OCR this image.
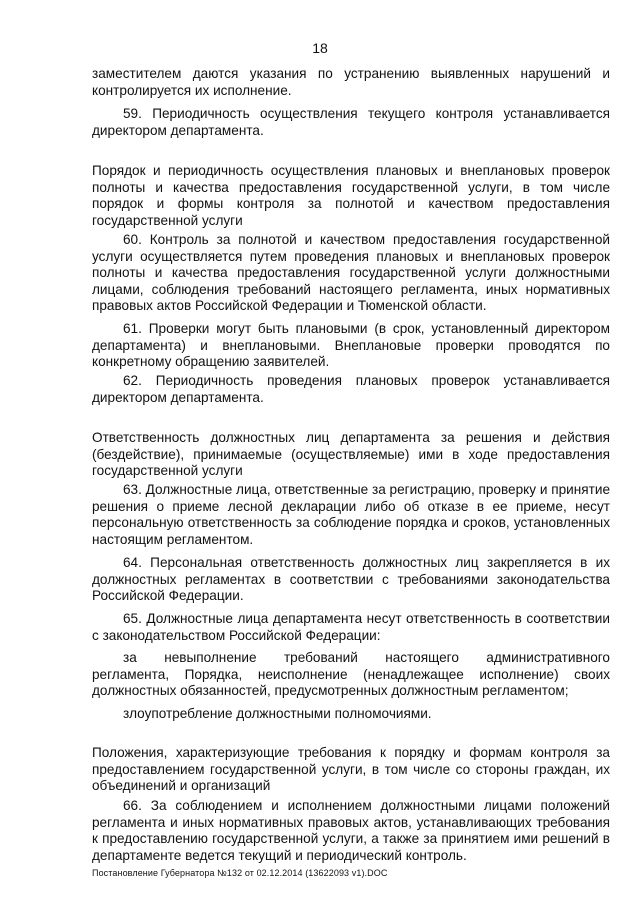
18
заместителем даются указания по устранению выявленных нарушений и контролируется их исполнение.
59. Периодичность осуществления текущего контроля устанавливается директором департамента.
Порядок и периодичность осуществления плановых и внеплановых проверок полноты и качества предоставления государственной услуги, в том числе порядок и формы контроля за полнотой и качеством предоставления государственной услуги
60. Контроль за полнотой и качеством предоставления государственной услуги осуществляется путем проведения плановых и внеплановых проверок полноты и качества предоставления государственной услуги должностными лицами, соблюдения требований настоящего регламента, иных нормативных правовых актов Российской Федерации и Тюменской области.
61. Проверки могут быть плановыми (в срок, установленный директором департамента) и внеплановыми. Внеплановые проверки проводятся по конкретному обращению заявителей.
62. Периодичность проведения плановых проверок устанавливается директором департамента.
Ответственность должностных лиц департамента за решения и действия (бездействие), принимаемые (осуществляемые) ими в ходе предоставления государственной услуги
63. Должностные лица, ответственные за регистрацию, проверку и принятие решения о приеме лесной декларации либо об отказе в ее приеме, несут персональную ответственность за соблюдение порядка и сроков, установленных настоящим регламентом.
64. Персональная ответственность должностных лиц закрепляется в их должностных регламентах в соответствии с требованиями законодательства Российской Федерации.
65. Должностные лица департамента несут ответственность в соответствии с законодательством Российской Федерации:
за невыполнение требований настоящего административного
регламента, Порядка, неисполнение (ненадлежащее исполнение) своих должностных обязанностей, предусмотренных должностным регламентом;
злоупотребление должностными полномочиями.
Положения, характеризующие требования к порядку и формам контроля за предоставлением государственной услуги, в том числе со стороны граждан, их объединений и организаций
66. За соблюдением и исполнением должностными лицами положений регламента и иных нормативных правовых актов, устанавливающих требования к предоставлению государственной услуги, а также за принятием ими решений в департаменте ведется текущий и периодический контроль.
Постановление Губернатора №132 от 02.12.2014 (13622093 v1).DOC
